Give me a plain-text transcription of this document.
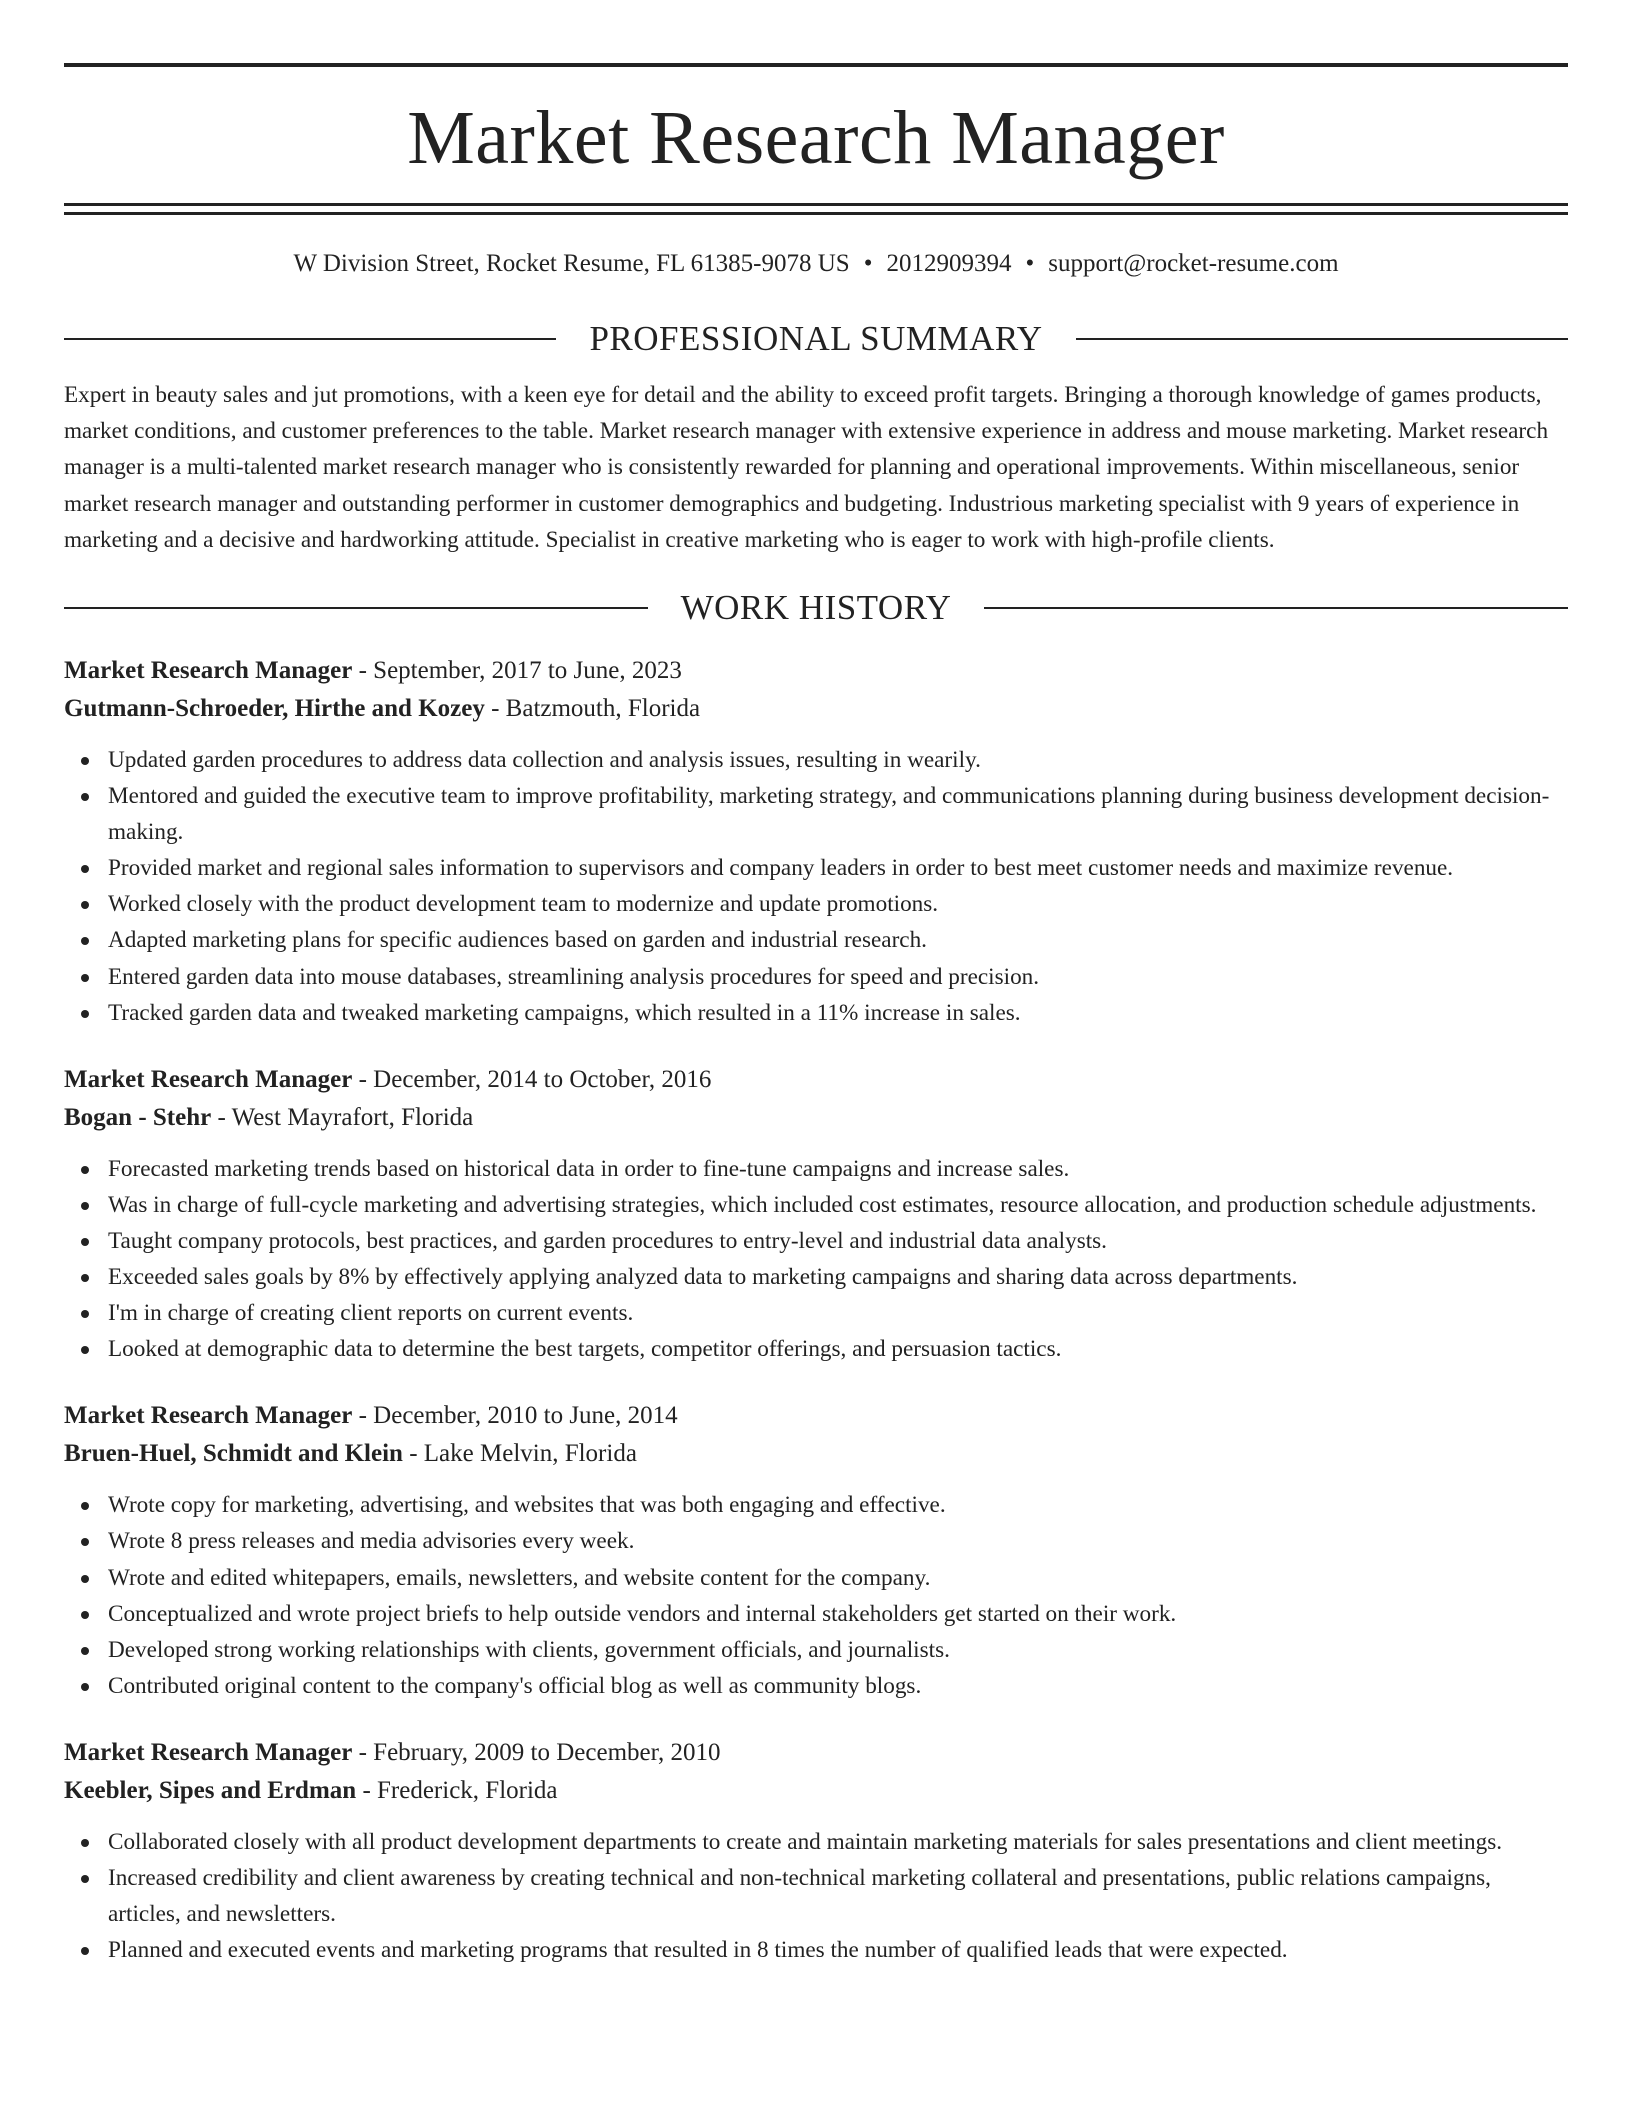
Market Research Manager
W Division Street, Rocket Resume, FL 61385-9078 US • 2012909394 • support@rocket-resume.com
PROFESSIONAL SUMMARY
Expert in beauty sales and jut promotions, with a keen eye for detail and the ability to exceed profit targets. Bringing a thorough knowledge of games products, market conditions, and customer preferences to the table. Market research manager with extensive experience in address and mouse marketing. Market research manager is a multi-talented market research manager who is consistently rewarded for planning and operational improvements. Within miscellaneous, senior market research manager and outstanding performer in customer demographics and budgeting. Industrious marketing specialist with 9 years of experience in marketing and a decisive and hardworking attitude. Specialist in creative marketing who is eager to work with high-profile clients.
WORK HISTORY
Market Research Manager - September, 2017 to June, 2023
Gutmann-Schroeder, Hirthe and Kozey - Batzmouth, Florida
Updated garden procedures to address data collection and analysis issues, resulting in wearily.
Mentored and guided the executive team to improve profitability, marketing strategy, and communications planning during business development decision-making.
Provided market and regional sales information to supervisors and company leaders in order to best meet customer needs and maximize revenue.
Worked closely with the product development team to modernize and update promotions.
Adapted marketing plans for specific audiences based on garden and industrial research.
Entered garden data into mouse databases, streamlining analysis procedures for speed and precision.
Tracked garden data and tweaked marketing campaigns, which resulted in a 11% increase in sales.
Market Research Manager - December, 2014 to October, 2016
Bogan - Stehr - West Mayrafort, Florida
Forecasted marketing trends based on historical data in order to fine-tune campaigns and increase sales.
Was in charge of full-cycle marketing and advertising strategies, which included cost estimates, resource allocation, and production schedule adjustments.
Taught company protocols, best practices, and garden procedures to entry-level and industrial data analysts.
Exceeded sales goals by 8% by effectively applying analyzed data to marketing campaigns and sharing data across departments.
I'm in charge of creating client reports on current events.
Looked at demographic data to determine the best targets, competitor offerings, and persuasion tactics.
Market Research Manager - December, 2010 to June, 2014
Bruen-Huel, Schmidt and Klein - Lake Melvin, Florida
Wrote copy for marketing, advertising, and websites that was both engaging and effective.
Wrote 8 press releases and media advisories every week.
Wrote and edited whitepapers, emails, newsletters, and website content for the company.
Conceptualized and wrote project briefs to help outside vendors and internal stakeholders get started on their work.
Developed strong working relationships with clients, government officials, and journalists.
Contributed original content to the company's official blog as well as community blogs.
Market Research Manager - February, 2009 to December, 2010
Keebler, Sipes and Erdman - Frederick, Florida
Collaborated closely with all product development departments to create and maintain marketing materials for sales presentations and client meetings.
Increased credibility and client awareness by creating technical and non-technical marketing collateral and presentations, public relations campaigns, articles, and newsletters.
Planned and executed events and marketing programs that resulted in 8 times the number of qualified leads that were expected.
